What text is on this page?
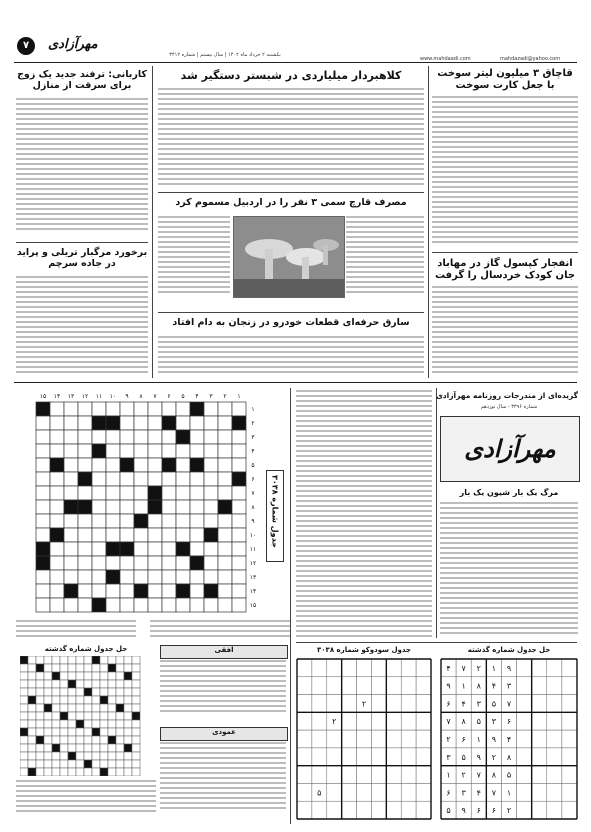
مهرآزادی
۷
یکشنبه ۲ خرداد ماه ۱۴۰۲ | سال بیستم | شماره ۳۴۱۲
www.mahdaadi.com	mahdazadi@yahoo.com
قاچاق ۳ میلیون لیتر سوخت
با جعل کارت سوخت
انفجار کپسول گاز در مهاباد
جان کودک خردسال را گرفت
کلاهبردار میلیاردی در شبستر دستگیر شد
مصرف قارچ سمی ۳ نفر را در اردبیل مسموم کرد
سارق حرفه‌ای قطعات خودرو در زنجان به دام افتاد
کاربانی: ترفند جدید یک زوج
برای سرقت از منازل
برخورد مرگبار تریلی و پراید
در جاده سرچم
۱
۱
۲
۲
۳
۳
۴
۴
۵
۵
۶
۶
۷
۷
۸
۸
۹
۹
۱۰
۱۰
۱۱
۱۱
۱۲
۱۲
۱۳
۱۳
۱۴
۱۴
۱۵
۱۵
جدول شماره ۳۰۳۸
حل جدول شماره گذشته	افقی
عمودی
گزیده‌ای از مندرجات روزنامه مهرآزادی
شماره ۳۳۹۶ - سال نوزدهم
مهرآزادی
مرگ یک بار شیون یک بار
جدول سودوکو شماره ۳۰۳۸
۲
۲
۵
حل جدول شماره گذشته
۹
۱
۲
۷
۴
۳
۴
۸
۱
۹
۷
۵
۳
۴
۶
۶
۳
۵
۸
۷
۴
۹
۱
۶
۲
۸
۲
۹
۵
۳
۵
۸
۷
۲
۱
۱
۷
۴
۳
۶
۲
۶
۶
۹
۵
